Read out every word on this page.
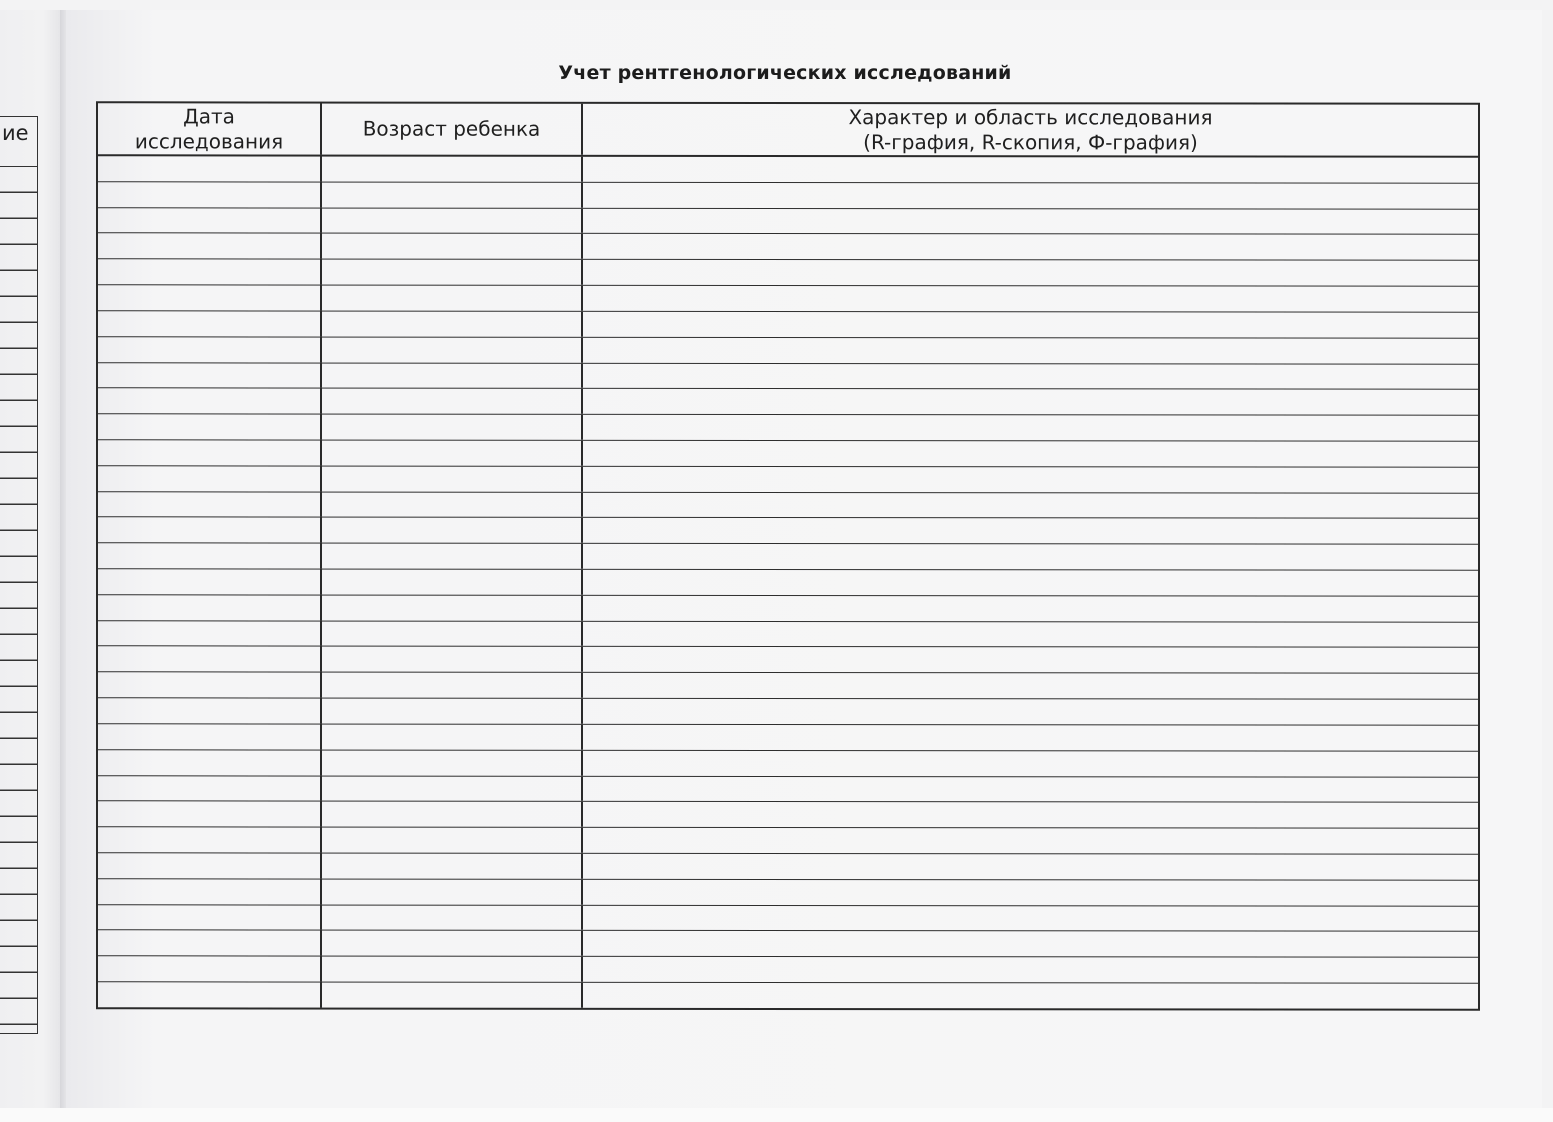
ие
Учет рентгенологических исследований
Дата
исследования
Возраст ребенка	Характер и область исследования
(R-графия, R-скопия, Ф-графия)
